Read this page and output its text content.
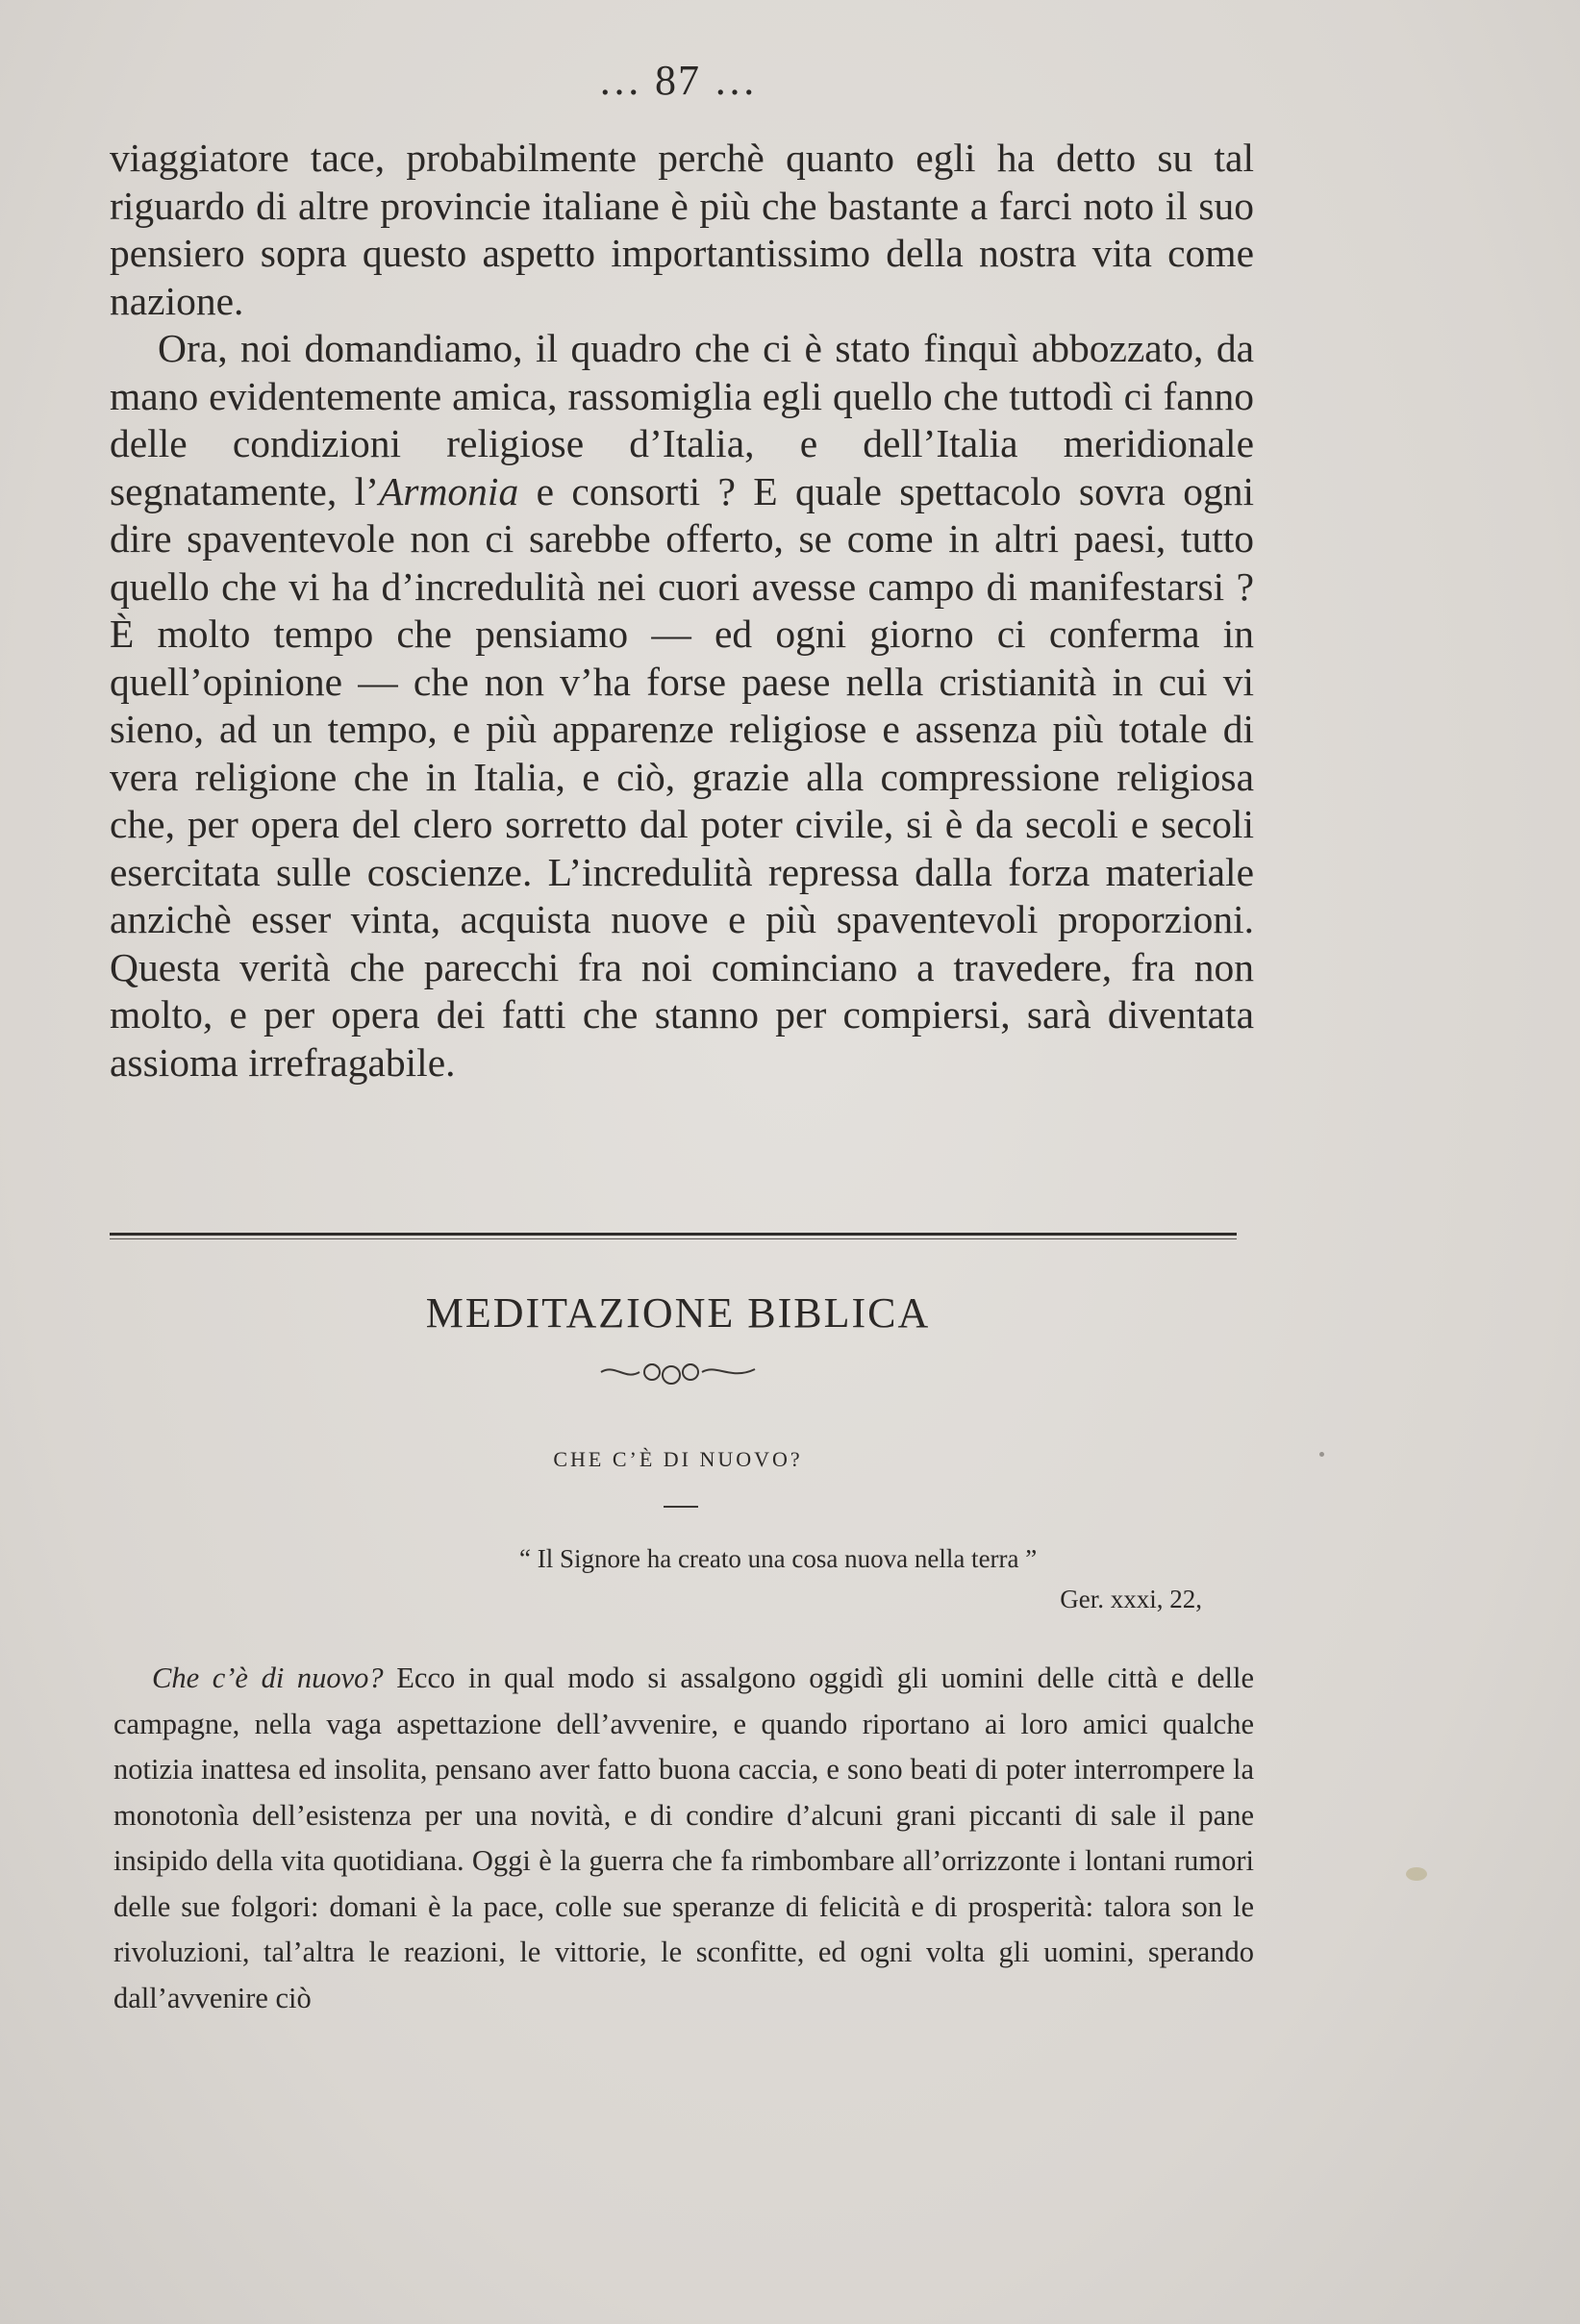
… 87 …

viaggiatore tace, probabilmente perchè quanto egli ha detto su tal riguardo di altre provincie italiane è più che bastante a farci noto il suo pensiero sopra questo aspetto importantissimo della nostra vita come nazione.

Ora, noi domandiamo, il quadro che ci è stato finquì abbozzato, da mano evidentemente amica, rassomiglia egli quello che tuttodì ci fanno delle condizioni religiose d’Italia, e dell’Italia meridionale segnatamente, l’Armonia e consorti ? E quale spettacolo sovra ogni dire spaventevole non ci sarebbe offerto, se come in altri paesi, tutto quello che vi ha d’incredulità nei cuori avesse campo di manifestarsi ? È molto tempo che pensiamo — ed ogni giorno ci conferma in quell’opinione — che non v’ha forse paese nella cristianità in cui vi sieno, ad un tempo, e più apparenze religiose e assenza più totale di vera religione che in Italia, e ciò, grazie alla compressione religiosa che, per opera del clero sorretto dal poter civile, si è da secoli e secoli esercitata sulle coscienze. L’incredulità repressa dalla forza materiale anzichè esser vinta, acquista nuove e più spaventevoli proporzioni. Questa verità che parecchi fra noi cominciano a travedere, fra non molto, e per opera dei fatti che stanno per compiersi, sarà diventata assioma irrefragabile.

MEDITAZIONE BIBLICA
CHE C’È DI NUOVO?
“ Il Signore ha creato una cosa nuova nella terra ”
Ger. xxxi, 22,
Che c’è di nuovo? Ecco in qual modo si assalgono oggidì gli uomini delle città e delle campagne, nella vaga aspettazione dell’avvenire, e quando riportano ai loro amici qualche notizia inattesa ed insolita, pensano aver fatto buona caccia, e sono beati di poter interrompere la monotonìa dell’esistenza per una novità, e di condire d’alcuni grani piccanti di sale il pane insipido della vita quotidiana. Oggi è la guerra che fa rimbombare all’orrizzonte i lontani rumori delle sue folgori: domani è la pace, colle sue speranze di felicità e di prosperità: talora son le rivoluzioni, tal’altra le reazioni, le vittorie, le sconfitte, ed ogni volta gli uomini, sperando dall’avvenire ciò
